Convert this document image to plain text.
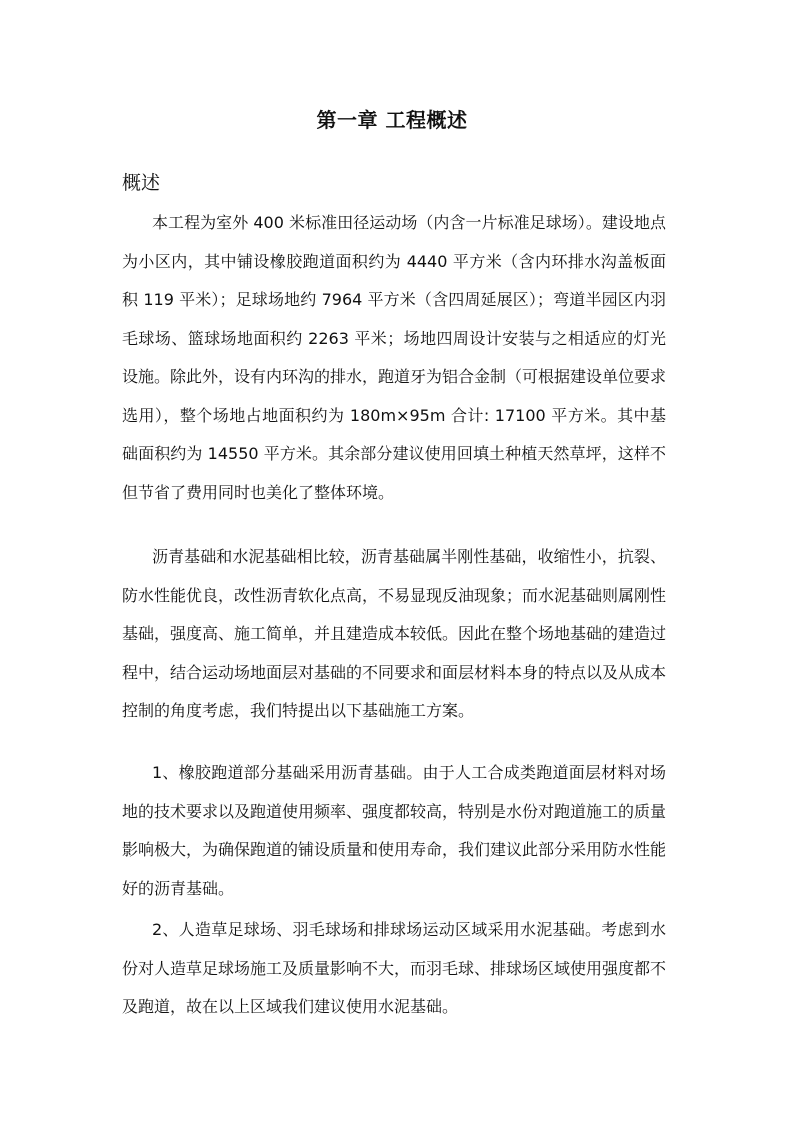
第一章 工程概述
概述

本工程为室外 400 米标准田径运动场（内含一片标准足球场）。建设地点为小区内，其中铺设橡胶跑道面积约为 4440 平方米（含内环排水沟盖板面积 119 平米）；足球场地约 7964 平方米（含四周延展区）；弯道半园区内羽毛球场、篮球场地面积约 2263 平米；场地四周设计安装与之相适应的灯光设施。除此外，设有内环沟的排水，跑道牙为铝合金制（可根据建设单位要求选用），整个场地占地面积约为 180m×95m 合计: 17100 平方米。其中基础面积约为 14550 平方米。其余部分建议使用回填土种植天然草坪，这样不但节省了费用同时也美化了整体环境。

沥青基础和水泥基础相比较，沥青基础属半刚性基础，收缩性小，抗裂、防水性能优良，改性沥青软化点高，不易显现反油现象；而水泥基础则属刚性基础，强度高、施工简单，并且建造成本较低。因此在整个场地基础的建造过程中，结合运动场地面层对基础的不同要求和面层材料本身的特点以及从成本控制的角度考虑，我们特提出以下基础施工方案。

1、橡胶跑道部分基础采用沥青基础。由于人工合成类跑道面层材料对场地的技术要求以及跑道使用频率、强度都较高，特别是水份对跑道施工的质量影响极大，为确保跑道的铺设质量和使用寿命，我们建议此部分采用防水性能好的沥青基础。

2、人造草足球场、羽毛球场和排球场运动区域采用水泥基础。考虑到水份对人造草足球场施工及质量影响不大，而羽毛球、排球场区域使用强度都不及跑道，故在以上区域我们建议使用水泥基础。
